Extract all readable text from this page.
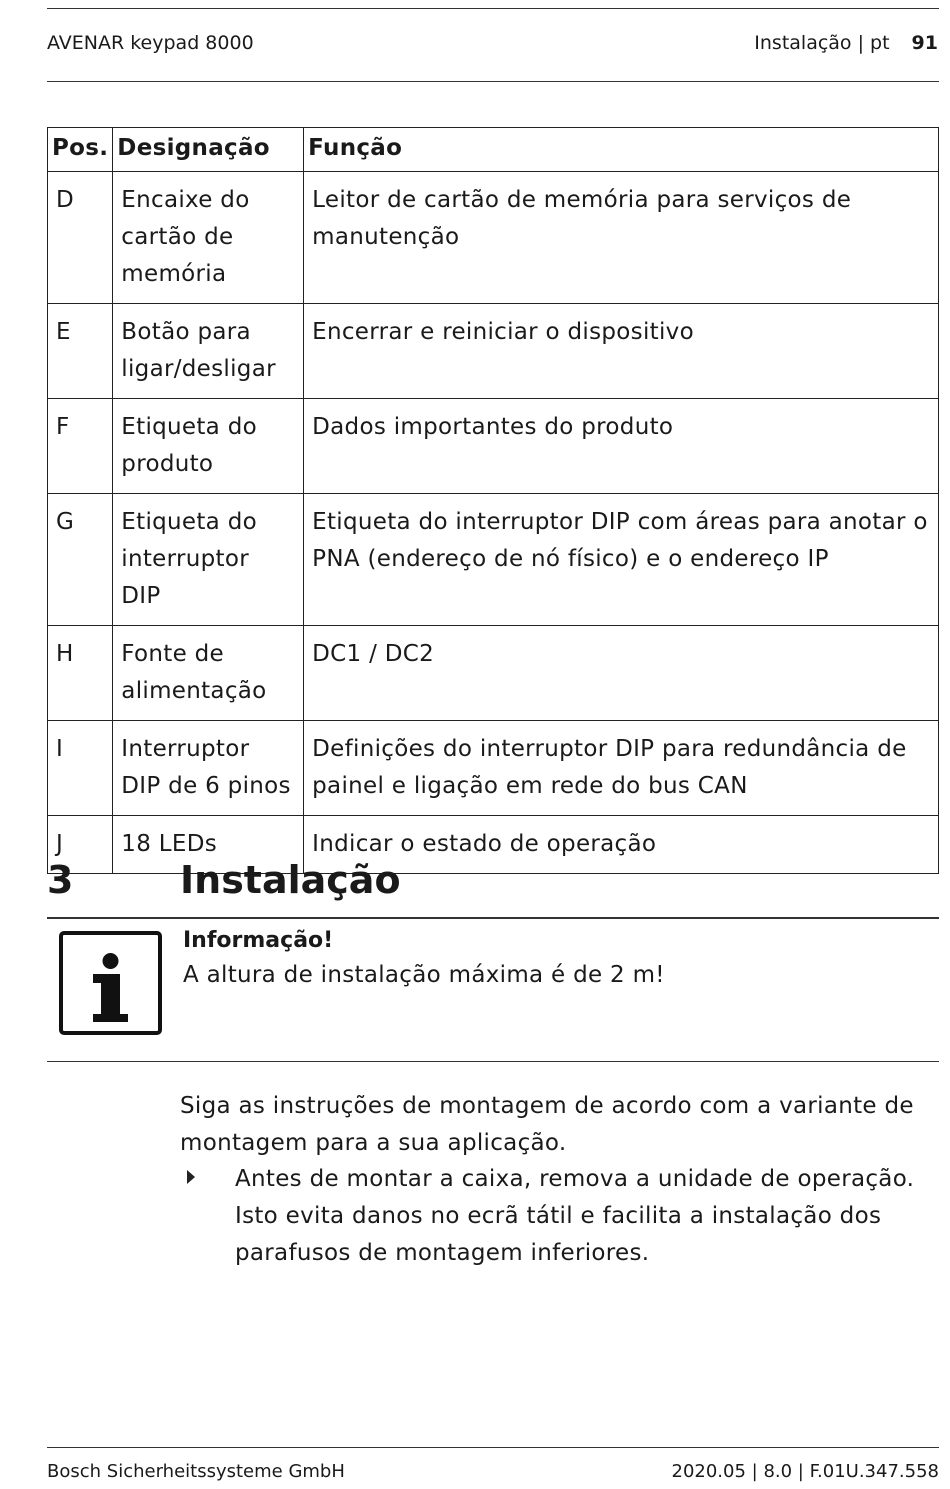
AVENAR keypad 8000	Instalação | pt 91
Pos.	Designação	Função
D	Encaixe do cartão de memória	Leitor de cartão de memória para serviços de manutenção
E	Botão para ligar/desligar	Encerrar e reiniciar o dispositivo
F	Etiqueta do produto	Dados importantes do produto
G	Etiqueta do interruptor DIP	Etiqueta do interruptor DIP com áreas para anotar o PNA (endereço de nó físico) e o endereço IP
H	Fonte de alimentação	DC1 / DC2
I	Interruptor DIP de 6 pinos	Definições do interruptor DIP para redundância de painel e ligação em rede do bus CAN
J	18 LEDs	Indicar o estado de operação
3	Instalação
Informação!
A altura de instalação máxima é de 2 m!
Siga as instruções de montagem de acordo com a variante de montagem para a sua aplicação.
Antes de montar a caixa, remova a unidade de operação. Isto evita danos no ecrã tátil e facilita a instalação dos parafusos de montagem inferiores.
Bosch Sicherheitssysteme GmbH	2020.05 | 8.0 | F.01U.347.558
